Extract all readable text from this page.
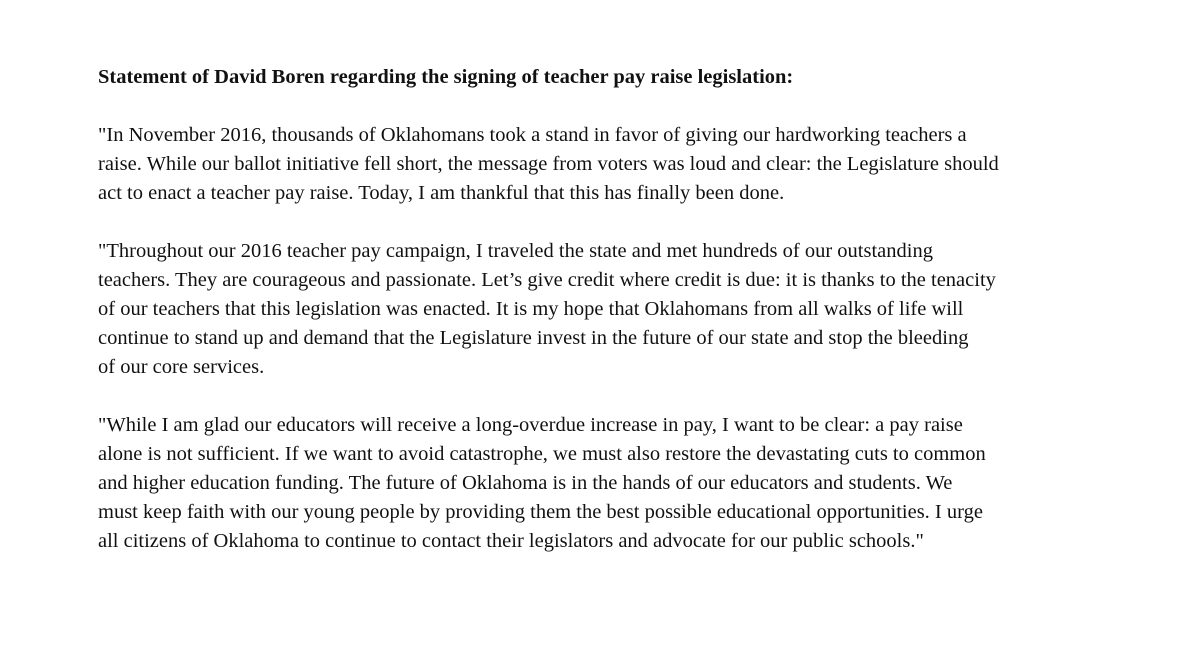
Statement of David Boren regarding the signing of teacher pay raise legislation:
"In November 2016, thousands of Oklahomans took a stand in favor of giving our hardworking teachers a
raise. While our ballot initiative fell short, the message from voters was loud and clear: the Legislature should
act to enact a teacher pay raise. Today, I am thankful that this has finally been done.
"Throughout our 2016 teacher pay campaign, I traveled the state and met hundreds of our outstanding
teachers. They are courageous and passionate. Let’s give credit where credit is due: it is thanks to the tenacity
of our teachers that this legislation was enacted. It is my hope that Oklahomans from all walks of life will
continue to stand up and demand that the Legislature invest in the future of our state and stop the bleeding
of our core services.
"While I am glad our educators will receive a long-overdue increase in pay, I want to be clear: a pay raise
alone is not sufficient. If we want to avoid catastrophe, we must also restore the devastating cuts to common
and higher education funding. The future of Oklahoma is in the hands of our educators and students. We
must keep faith with our young people by providing them the best possible educational opportunities. I urge
all citizens of Oklahoma to continue to contact their legislators and advocate for our public schools."
